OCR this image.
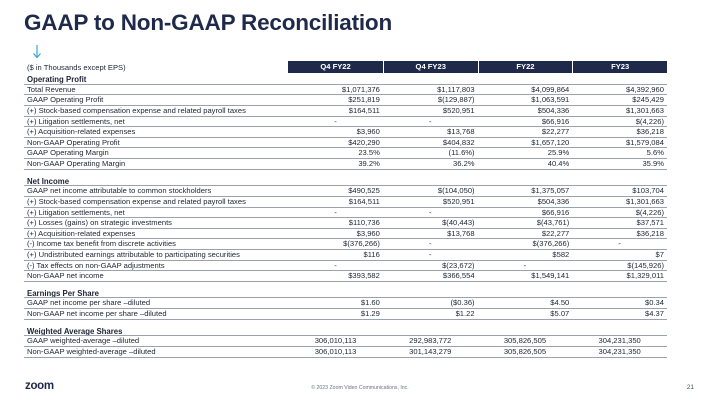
GAAP to Non-GAAP Reconciliation
($ in Thousands except EPS)	Q4 FY22	Q4 FY23	FY22	FY23
Operating Profit
Total Revenue	$1,071,376	$1,117,803	$4,099,864	$4,392,960
GAAP Operating Profit	$251,819	$(129,887)	$1,063,591	$245,429
(+) Stock-based compensation expense and related payroll taxes	$164,511	$520,951	$504,336	$1,301,663
(+) Litigation settlements, net	-	-	$66,916	$(4,226)
(+) Acquisition-related expenses	$3,960	$13,768	$22,277	$36,218
Non-GAAP Operating Profit	$420,290	$404,832	$1,657,120	$1,579,084
GAAP Operating Margin	23.5%	(11.6%)	25.9%	5.6%
Non-GAAP Operating Margin	39.2%	36.2%	40.4%	35.9%
Net Income
GAAP net income attributable to common stockholders	$490,525	$(104,050)	$1,375,057	$103,704
(+) Stock-based compensation expense and related payroll taxes	$164,511	$520,951	$504,336	$1,301,663
(+) Litigation settlements, net	-	-	$66,916	$(4,226)
(+) Losses (gains) on strategic investments	$110,736	$(40,443)	$(43,761)	$37,571
(+) Acquisition-related expenses	$3,960	$13,768	$22,277	$36,218
(-) Income tax benefit from discrete activities	$(376,266)	-	$(376,266)	-
(+) Undistributed earnings attributable to participating securities	$116	-	$582	$7
(-) Tax effects on non-GAAP adjustments	-	$(23,672)	-	$(145,926)
Non-GAAP net income	$393,582	$366,554	$1,549,141	$1,329,011
Earnings Per Share
GAAP net income per share –diluted	$1.60	($0.36)	$4.50	$0.34
Non-GAAP net income per share –diluted	$1.29	$1.22	$5.07	$4.37
Weighted Average Shares
GAAP weighted-average –diluted	306,010,113	292,983,772	305,826,505	304,231,350
Non-GAAP weighted-average –diluted	306,010,113	301,143,279	305,826,505	304,231,350
zoom	© 2023 Zoom Video Communications, Inc.	21
